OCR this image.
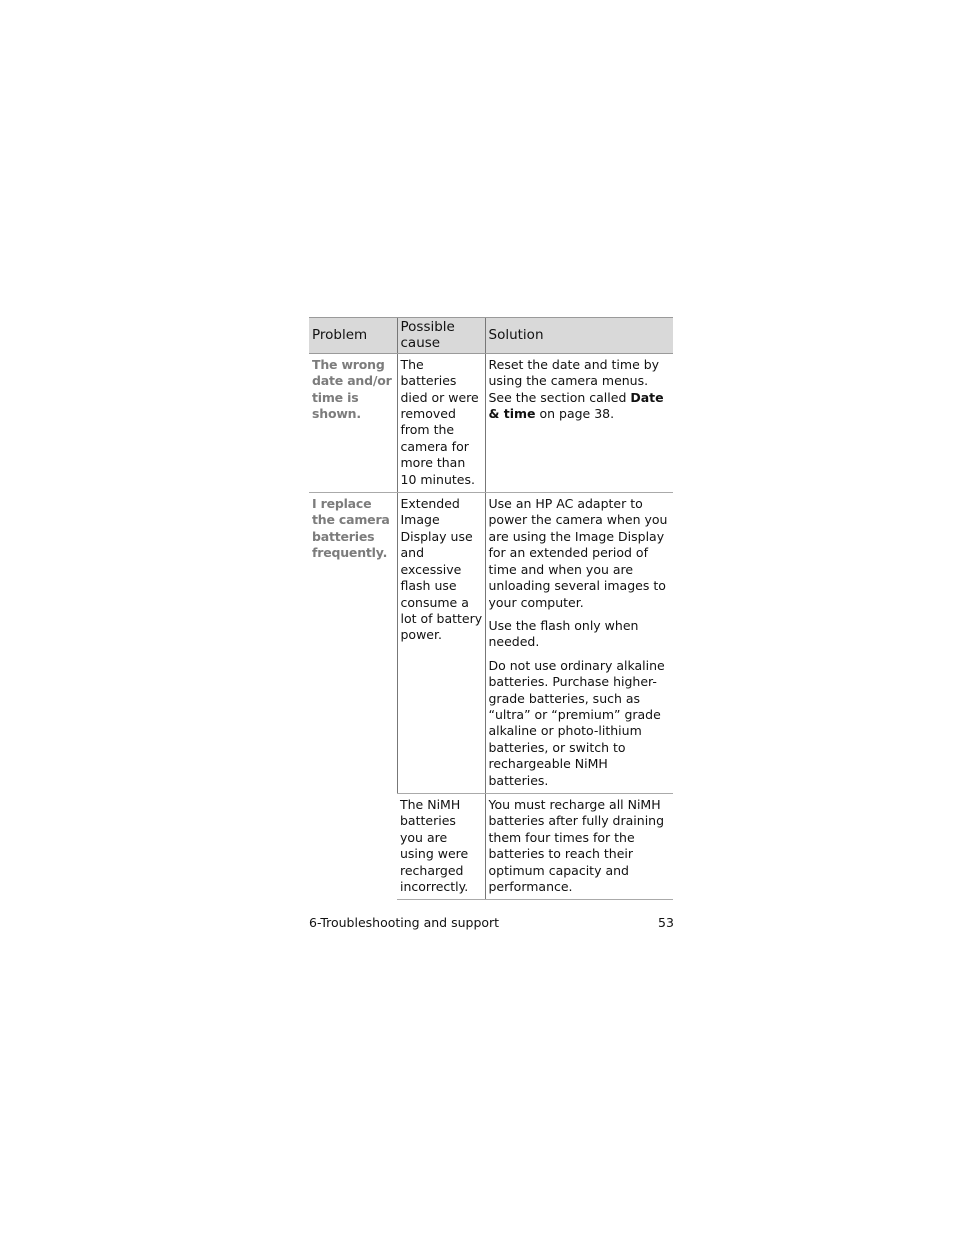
Problem	Possible cause	Solution
The wrong date and/or time is shown.	The batteries died or were removed from the camera for more than 10 minutes.	Reset the date and time by using the camera menus. See the section called Date & time on page 38.
I replace the camera batteries frequently.	Extended Image Display use and excessive flash use consume a lot of battery power.	Use an HP AC adapter to power the camera when you are using the Image Display for an extended period of time and when you are unloading several images to your computer.

Use the flash only when needed.

Do not use ordinary alkaline batteries. Purchase higher-grade batteries, such as “ultra” or “premium” grade alkaline or photo-lithium batteries, or switch to rechargeable NiMH batteries.

	The NiMH batteries you are using were recharged incorrectly.	You must recharge all NiMH batteries after fully draining them four times for the batteries to reach their optimum capacity and performance.
6-Troubleshooting and support	53
